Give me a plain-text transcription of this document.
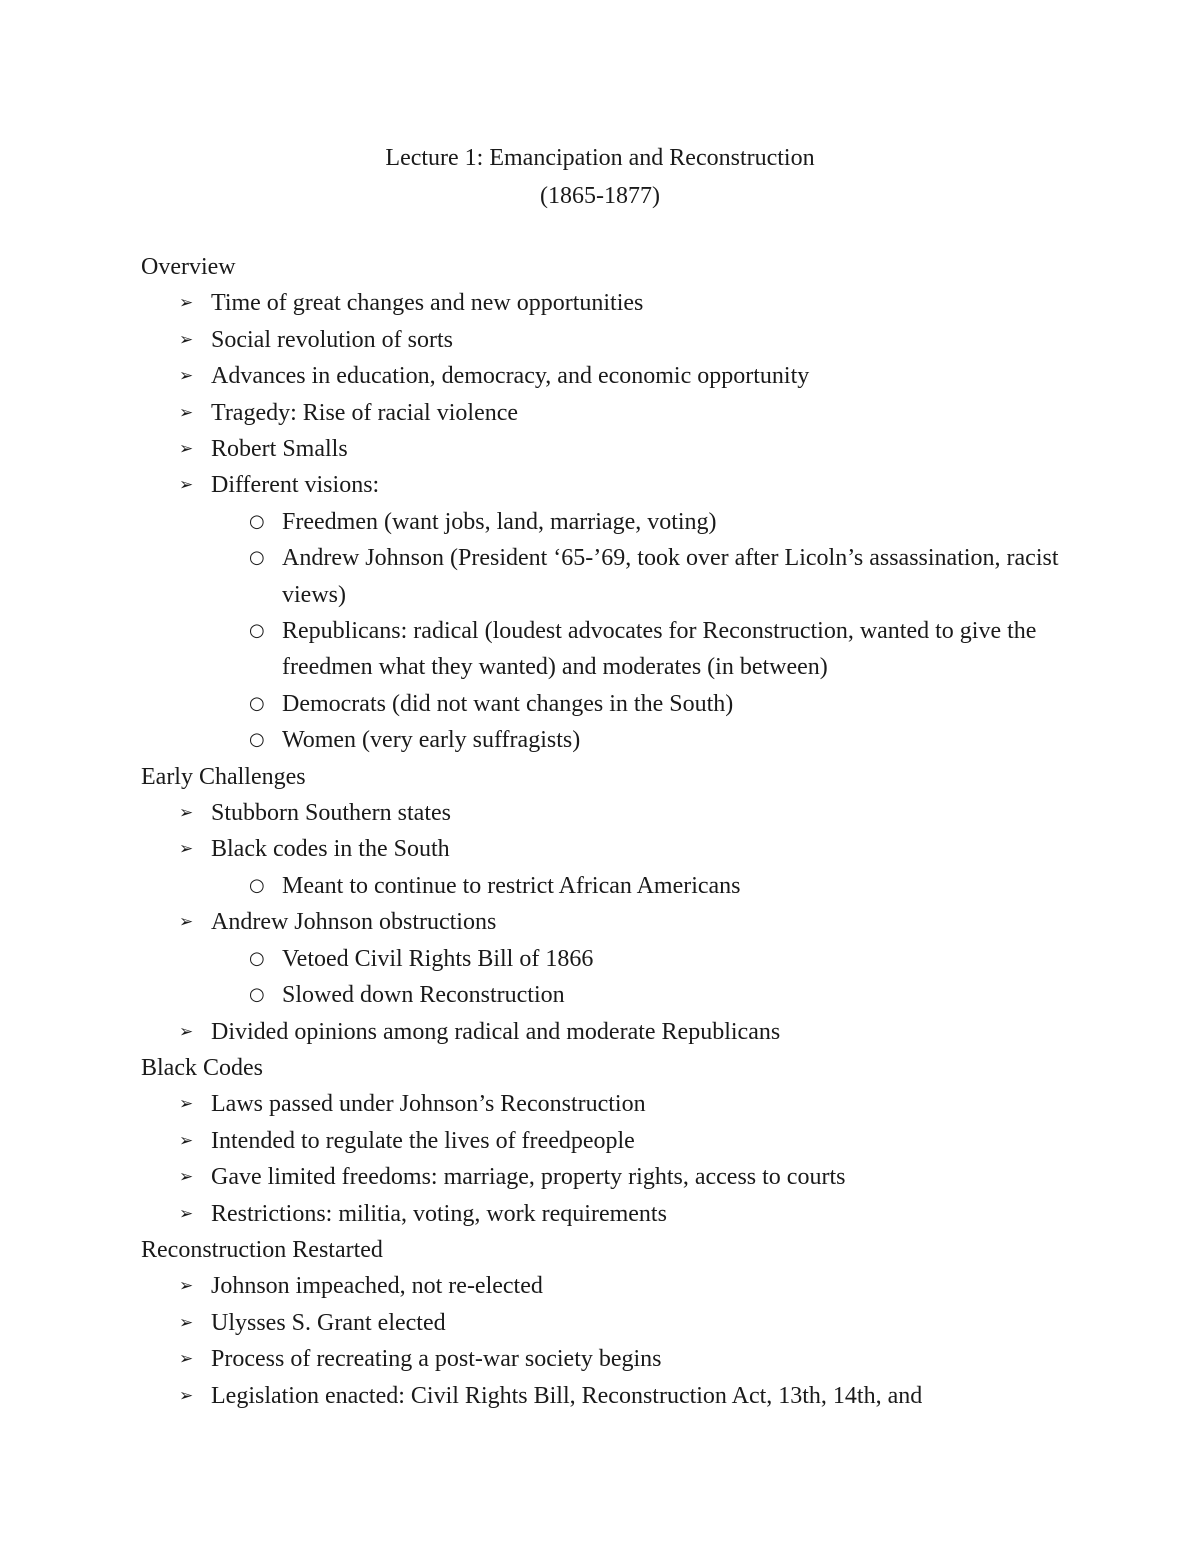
Lecture 1: Emancipation and Reconstruction
(1865-1877)
Overview
➢ Time of great changes and new opportunities
➢ Social revolution of sorts
➢ Advances in education, democracy, and economic opportunity
➢ Tragedy: Rise of racial violence
➢ Robert Smalls
➢ Different visions:
○ Freedmen (want jobs, land, marriage, voting)
○ Andrew Johnson (President ‘65-’69, took over after Licoln’s assassination, racist views)
○ Republicans: radical (loudest advocates for Reconstruction, wanted to give the freedmen what they wanted) and moderates (in between)
○ Democrats (did not want changes in the South)
○ Women (very early suffragists)
Early Challenges
➢ Stubborn Southern states
➢ Black codes in the South
○ Meant to continue to restrict African Americans
➢ Andrew Johnson obstructions
○ Vetoed Civil Rights Bill of 1866
○ Slowed down Reconstruction
➢ Divided opinions among radical and moderate Republicans
Black Codes
➢ Laws passed under Johnson’s Reconstruction
➢ Intended to regulate the lives of freedpeople
➢ Gave limited freedoms: marriage, property rights, access to courts
➢ Restrictions: militia, voting, work requirements
Reconstruction Restarted
➢ Johnson impeached, not re-elected
➢ Ulysses S. Grant elected
➢ Process of recreating a post-war society begins
➢ Legislation enacted: Civil Rights Bill, Reconstruction Act, 13th, 14th, and
